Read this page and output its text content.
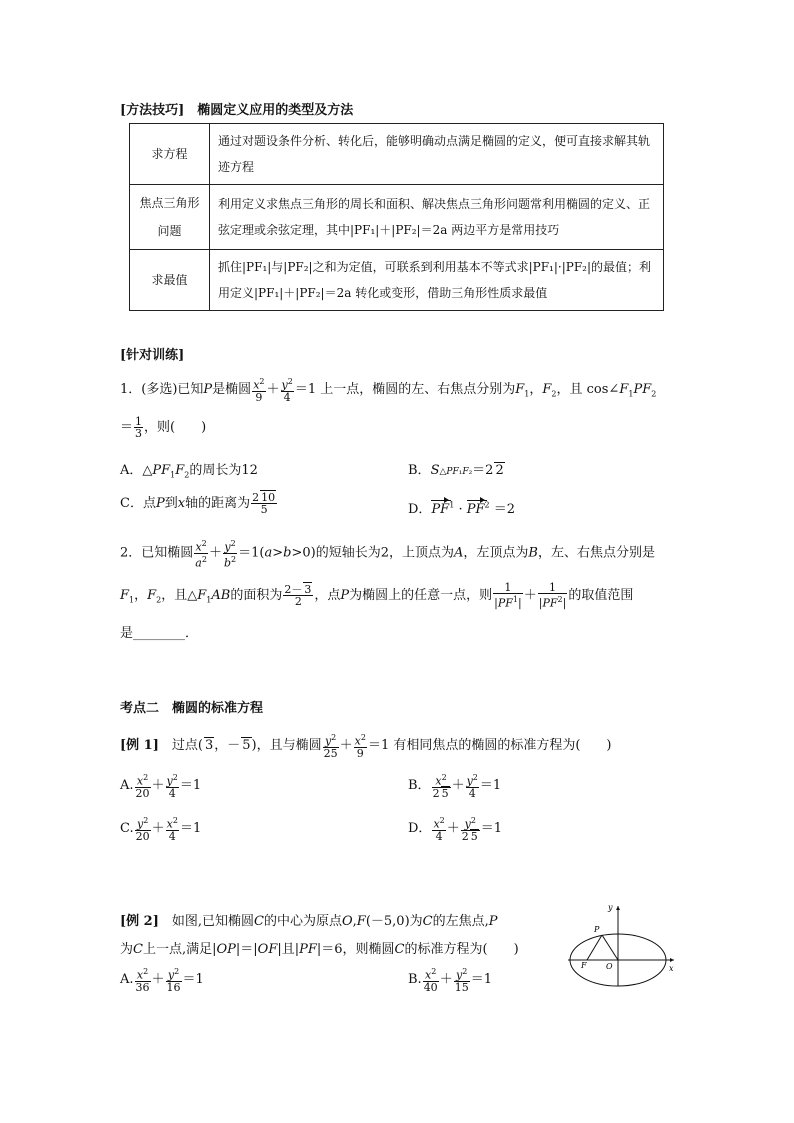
[方法技巧]　椭圆定义应用的类型及方法
求方程	通过对题设条件分析、转化后，能够明确动点满足椭圆的定义，便可直接求解其轨迹方程
焦点三角形问题	利用定义求焦点三角形的周长和面积、解决焦点三角形问题常利用椭圆的定义、正弦定理或余弦定理，其中|PF₁|＋|PF₂|＝2a 两边平方是常用技巧
求最值	抓住|PF₁|与|PF₂|之和为定值，可联系到利用基本不等式求|PF₁|·|PF₂|的最值；利用定义|PF₁|＋|PF₂|＝2a 转化或变形，借助三角形性质求最值
[针对训练]
1．(多选)已知P是椭圆 $\frac{x^2}{9} + \frac{y^2}{4} =1$ 上一点，椭圆的左、右焦点分别为$F_1$，$F_2$，且 $\cos\angle F_1PF_2$
＝ $\frac{1}{3}$ ，则(　　)
A．$\triangle PF_1F_2$的周长为12	B．S△PF₁F₂＝2 2
C．点P到x轴的距离为 $\frac{2 10}{5}$	D．$PF^1 \cdot PF^2 =2$
2．已知椭圆 $\frac{x^2}{a^2} + \frac{y^2}{b^2} =1(a>b>0)$的短轴长为2，上顶点为A，左顶点为B，左、右焦点分别是
$F_1$，$F_2$，且$\triangle F_1AB$的面积为 $\frac{2- 3}{2}$ ，点P为椭圆上的任意一点，则 $\frac{1}{|PF^1|} + \frac{1}{|PF^2|}$ 的取值范围
是________．
考点二　椭圆的标准方程
[例 1]　过点( 3，－ 5)，且与椭圆 $\frac{y^2}{25} + \frac{x^2}{9} =1$ 有相同焦点的椭圆的标准方程为(　　)
A. $\frac{x^2}{20} + \frac{y^2}{4} =1$	B． $\frac{x^2}{2 5} + \frac{y^2}{4} =1$
C. $\frac{y^2}{20} + \frac{x^2}{4} =1$	D． $\frac{x^2}{4} + \frac{y^2}{2 5} =1$
[例 2]　如图,已知椭圆C的中心为原点O,F(－5,0)为C的左焦点,P
为C上一点,满足|OP|＝|OF|且|PF|＝6，则椭圆C的标准方程为(　　)
A. $\frac{x^2}{36} + \frac{y^2}{16} =1$	B. $\frac{x^2}{40} + \frac{y^2}{15} =1$
y
x
O
F
P
